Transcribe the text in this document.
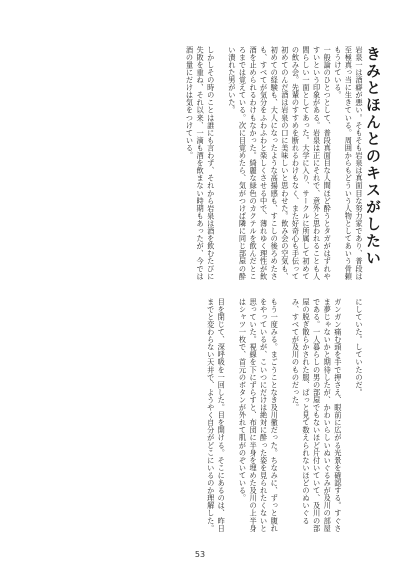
きみとほんとのキスがしたい

岩泉一は酒癖が悪い。そもそも岩泉は真面目な努力家であり、普段は至極真っ当に生きている。周囲からもどういう人物としてあいう骨頼もうけている。

一般論のひとつとして、普段真面目な人間ほど酔うとタガがはずれやすいという印象がある。岩泉は正にそれで、意外と思われることも人間らしい一面としてあった。大学に入り、サークルに所属して初めての飲み会。先輩のすすめを断れるわけもなく、また好奇心も手伝って初めてのんだ酒は岩泉の口に美味しいと思わせた。飲み会の空気も、初めての経験も、大人になったような高揚感も、すこしの後ろめたさも、すべてが気分をふわふわと楽しくさせる中で、薄れゆく理性が飲酒を止められるわけもなかった。綺麗な緑色のカクテルを飲んだところまでは覚えている。次に目覚めたら、気がつけば隣に同じ部屋の酔い潰れた男がいた。

しかしその時のことは誰にも言わず、それから岩泉は酒を飲むたびに失敗を重ね、それ以来、一滴も酒を飲まない時期もあったが、今では酒の量にだけは気をつけている。

にしていた。していたのだ。

ガンガン痛む頭を手で押さえ、眼前に広がる光景を確認する。すぐさま夢じゃないかと期待したが、かわいらしいぬいぐるみが及川の部屋である。一人暮らしの男の部屋でもないほど片付いていて、及川の部屋の脱ぎ散らかされた服、ぱっと見て数えられないほどのぬいぐるみ、すべてが及川のものだった。

もう一度みる。まごうことなき及川徹だった。ちなみに、ずっと腹れをやっているが、こいつにだけは絶対に酔った姿を見られたくないと思っていた。視線を下にずらすと、布団に半身を埋めた及川の上半身はシャツ一枚で、首元のボタンが外れて肌がのぞいている。

目を閉じて、深呼吸を一回した。目を開ける。そこにあるのは、昨日までと変わらない天井で、ようやく自分がどこにいるのか理解した。

53
